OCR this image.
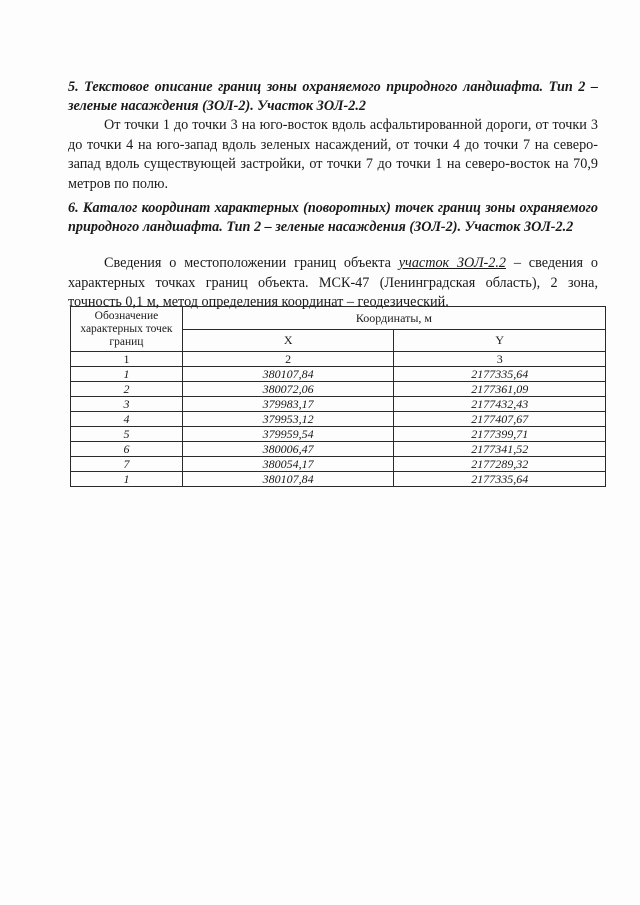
5. Текстовое описание границ зоны охраняемого природного ландшафта. Тип 2 – зеленые насаждения (ЗОЛ-2). Участок ЗОЛ-2.2

От точки 1 до точки 3 на юго-восток вдоль асфальтированной дороги, от точки 3 до точки 4 на юго-запад вдоль зеленых насаждений, от точки 4 до точки 7 на северо-запад вдоль существующей застройки, от точки 7 до точки 1 на северо-восток на 70,9 метров по полю.

6. Каталог координат характерных (поворотных) точек границ зоны охраняемого природного ландшафта. Тип 2 – зеленые насаждения (ЗОЛ-2). Участок ЗОЛ-2.2

Сведения о местоположении границ объекта участок ЗОЛ-2.2 – сведения о характерных точках границ объекта. МСК-47 (Ленинградская область), 2 зона, точность 0,1 м, метод определения координат – геодезический.

Обозначение характерных точек границ	Координаты, м	
	X	Y
1	2	3
1	380107,84	2177335,64
2	380072,06	2177361,09
3	379983,17	2177432,43
4	379953,12	2177407,67
5	379959,54	2177399,71
6	380006,47	2177341,52
7	380054,17	2177289,32
1	380107,84	2177335,64
